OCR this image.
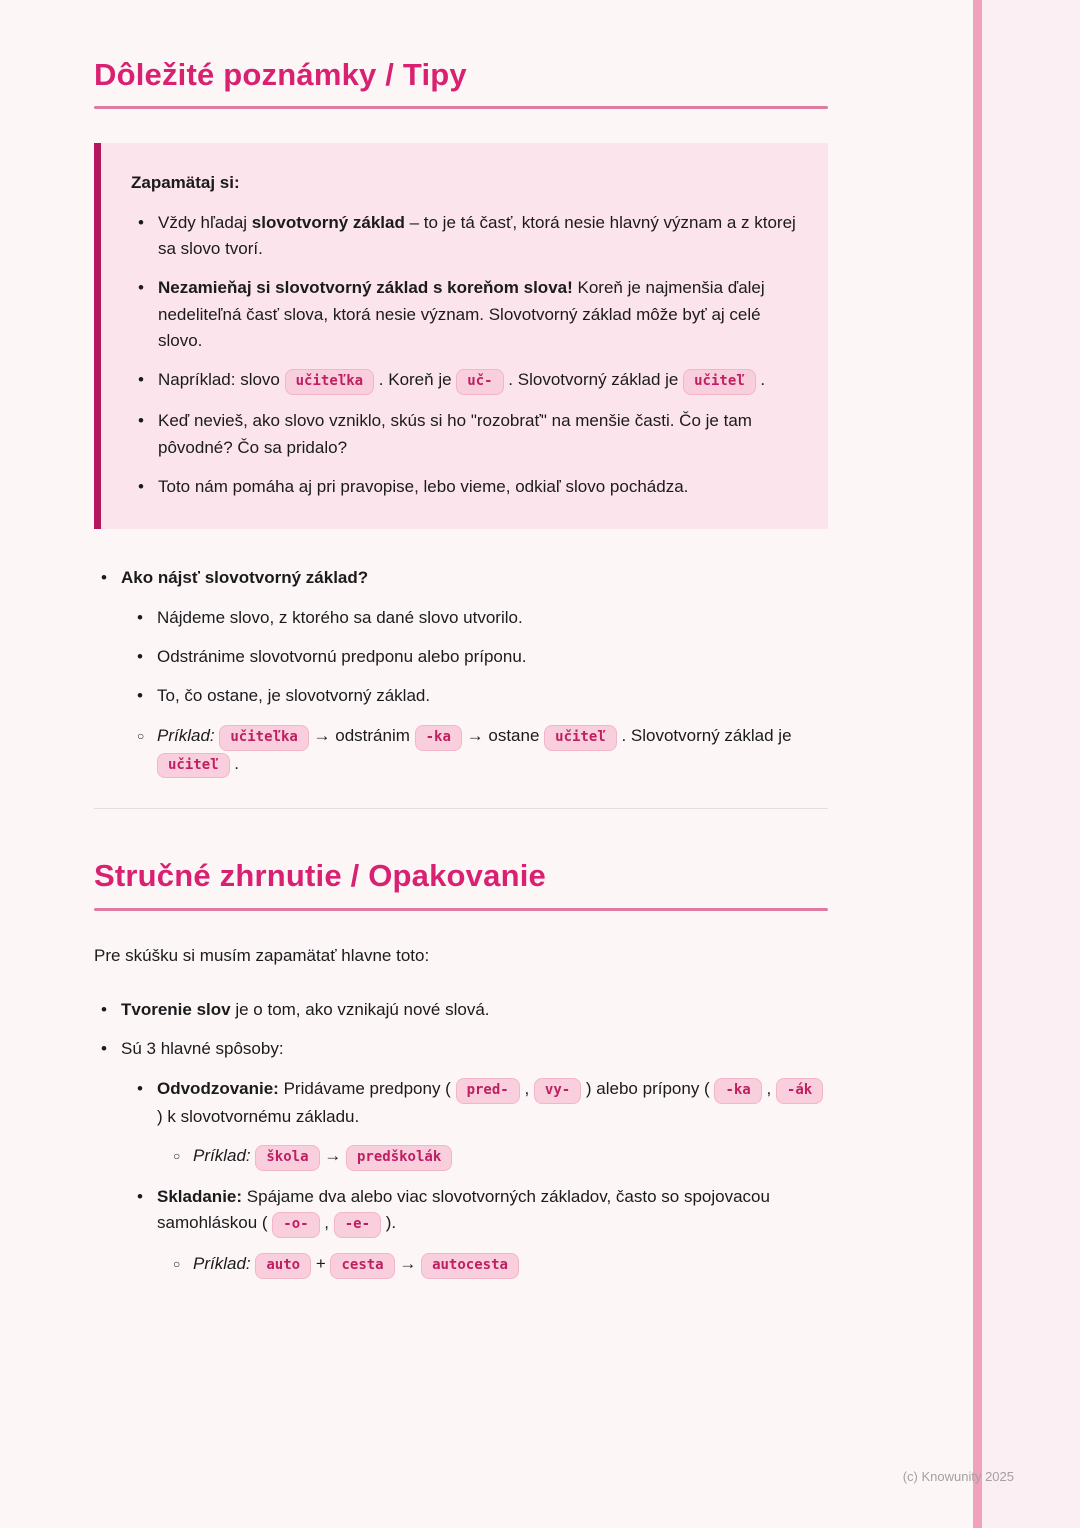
Dôležité poznámky / Tipy
Zapamätaj si:
• Vždy hľadaj slovotvorný základ – to je tá časť, ktorá nesie hlavný význam a z ktorej sa slovo tvorí.
• Nezamieňaj si slovotvorný základ s koreňom slova! Koreň je najmenšia ďalej nedeliteľná časť slova, ktorá nesie význam. Slovotvorný základ môže byť aj celé slovo.
• Napríklad: slovo učiteľka . Koreň je uč- . Slovotvorný základ je učiteľ .
• Keď nevieš, ako slovo vzniklo, skús si ho "rozobrať" na menšie časti. Čo je tam pôvodné? Čo sa pridalo?
• Toto nám pomáha aj pri pravopise, lebo vieme, odkiaľ slovo pochádza.
• Ako nájsť slovotvorný základ?
• Nájdeme slovo, z ktorého sa dané slovo utvorilo.
• Odstránime slovotvornú predponu alebo príponu.
• To, čo ostane, je slovotvorný základ.
○ Príklad: učiteľka → odstránim -ka → ostane učiteľ . Slovotvorný základ je učiteľ .
Stručné zhrnutie / Opakovanie

Pre skúšku si musím zapamätať hlavne toto:

• Tvorenie slov je o tom, ako vznikajú nové slová.
• Sú 3 hlavné spôsoby:
• Odvodzovanie: Pridávame predpony ( pred- , vy- ) alebo prípony ( -ka , -ák ) k slovotvornému základu.
○ Príklad: škola → predškolák
• Skladanie: Spájame dva alebo viac slovotvorných základov, často so spojovacou samohláskou ( -o- , -e- ).
○ Príklad: auto + cesta → autocesta
(c) Knowunity 2025
